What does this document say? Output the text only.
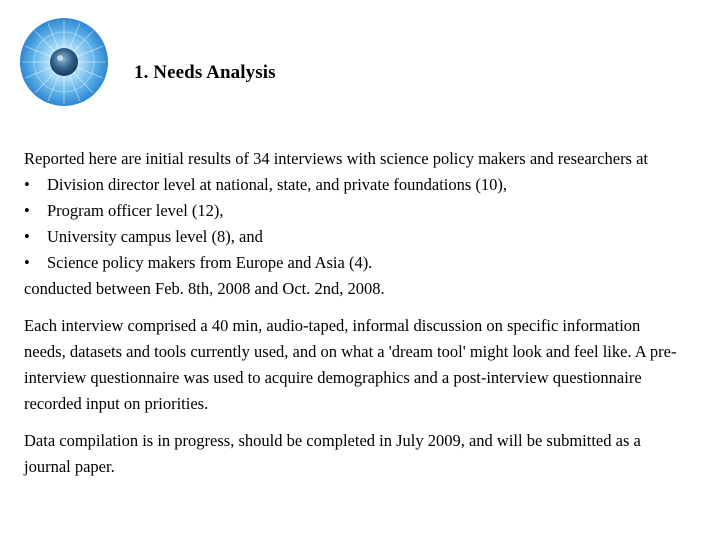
1. Needs Analysis

Reported here are initial results of 34 interviews with science policy makers and researchers at

• Division director level at national, state, and private foundations (10),
• Program officer level (12),
• University campus level (8), and
• Science policy makers from Europe and Asia (4).

conducted between Feb. 8th, 2008 and Oct. 2nd, 2008.

Each interview comprised a 40 min, audio-taped, informal discussion on specific information needs, datasets and tools currently used, and on what a 'dream tool' might look and feel like. A pre-interview questionnaire was used to acquire demographics and a post-interview questionnaire recorded input on priorities.

Data compilation is in progress, should be completed in July 2009, and will be submitted as a journal paper.
